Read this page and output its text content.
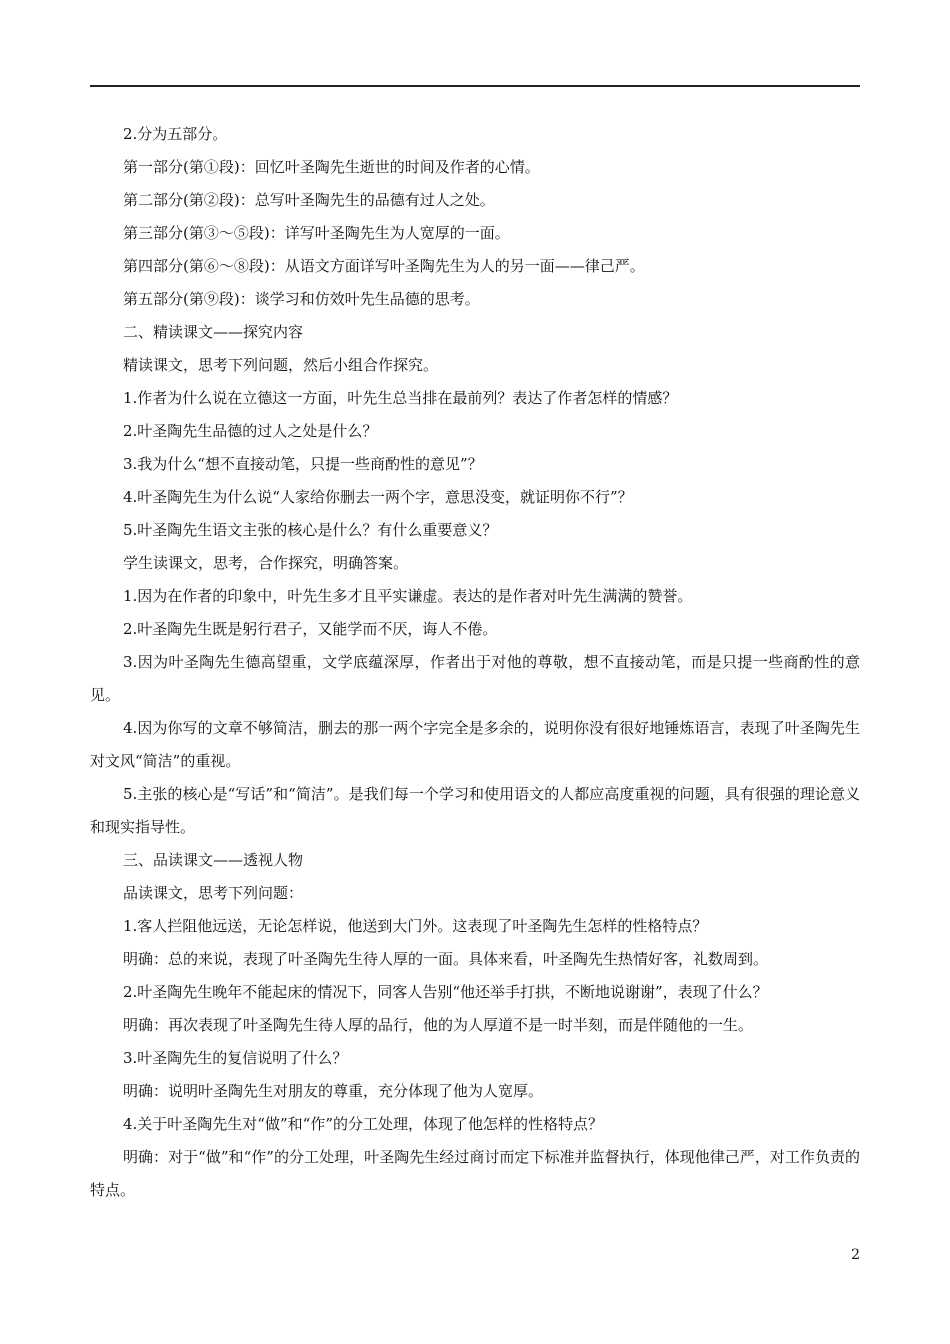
2.分为五部分。

第一部分(第①段)：回忆叶圣陶先生逝世的时间及作者的心情。

第二部分(第②段)：总写叶圣陶先生的品德有过人之处。

第三部分(第③～⑤段)：详写叶圣陶先生为人宽厚的一面。

第四部分(第⑥～⑧段)：从语文方面详写叶圣陶先生为人的另一面——律己严。

第五部分(第⑨段)：谈学习和仿效叶先生品德的思考。

二、精读课文——探究内容

精读课文，思考下列问题，然后小组合作探究。

1.作者为什么说在立德这一方面，叶先生总当排在最前列？表达了作者怎样的情感？

2.叶圣陶先生品德的过人之处是什么？

3.我为什么“想不直接动笔，只提一些商酌性的意见”？

4.叶圣陶先生为什么说“人家给你删去一两个字，意思没变，就证明你不行”？

5.叶圣陶先生语文主张的核心是什么？有什么重要意义？

学生读课文，思考，合作探究，明确答案。

1.因为在作者的印象中，叶先生多才且平实谦虚。表达的是作者对叶先生满满的赞誉。

2.叶圣陶先生既是躬行君子，又能学而不厌，诲人不倦。

3.因为叶圣陶先生德高望重，文学底蕴深厚，作者出于对他的尊敬，想不直接动笔，而是只提一些商酌性的意见。

4.因为你写的文章不够简洁，删去的那一两个字完全是多余的，说明你没有很好地锤炼语言，表现了叶圣陶先生对文风“简洁”的重视。

5.主张的核心是“写话”和“简洁”。是我们每一个学习和使用语文的人都应高度重视的问题，具有很强的理论意义和现实指导性。

三、品读课文——透视人物

品读课文，思考下列问题：

1.客人拦阻他远送，无论怎样说，他送到大门外。这表现了叶圣陶先生怎样的性格特点？

明确：总的来说，表现了叶圣陶先生待人厚的一面。具体来看，叶圣陶先生热情好客，礼数周到。

2.叶圣陶先生晚年不能起床的情况下，同客人告别“他还举手打拱，不断地说谢谢”，表现了什么？

明确：再次表现了叶圣陶先生待人厚的品行，他的为人厚道不是一时半刻，而是伴随他的一生。

3.叶圣陶先生的复信说明了什么？

明确：说明叶圣陶先生对朋友的尊重，充分体现了他为人宽厚。

4.关于叶圣陶先生对“做”和“作”的分工处理，体现了他怎样的性格特点？

明确：对于“做”和“作”的分工处理，叶圣陶先生经过商讨而定下标准并监督执行，体现他律己严，对工作负责的特点。

2
